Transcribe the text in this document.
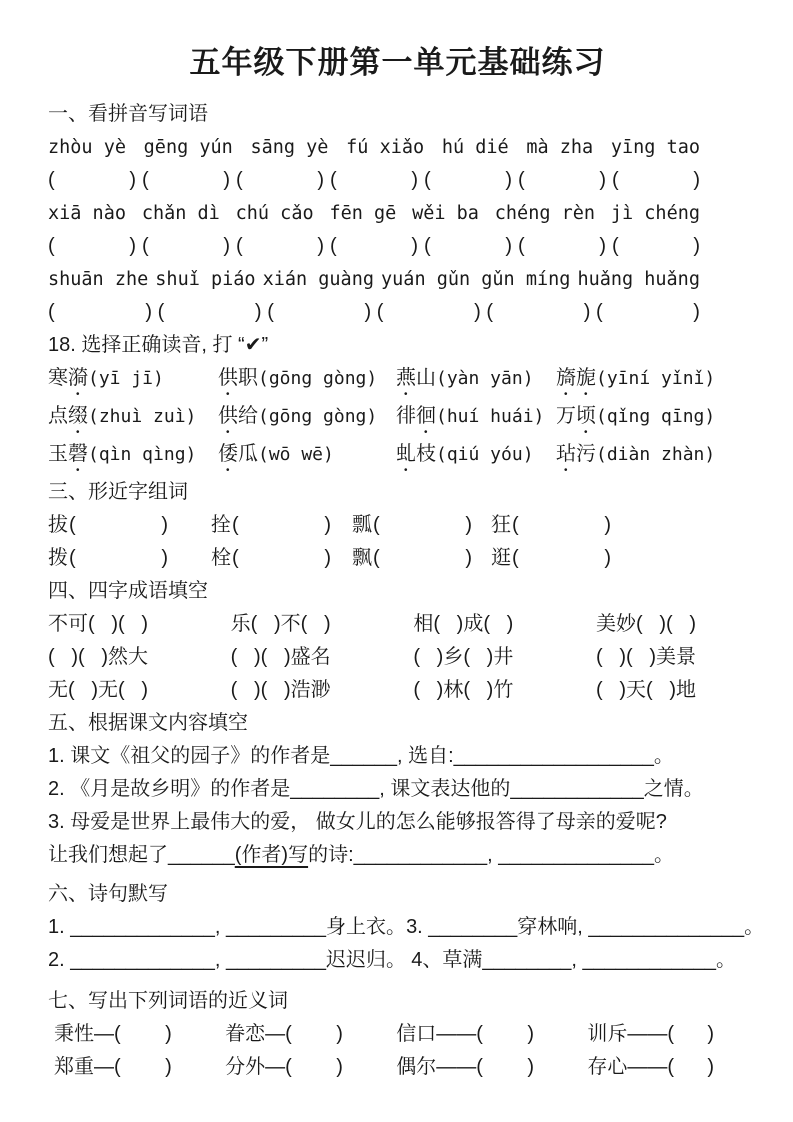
五年级下册第一单元基础练习
一、看拼音写词语
zhòu yè gēng yún sāng yè fú xiǎo hú dié mà zha yīng tao
(	) (	) (	) (	) (	) (	) (	)
xiā nào chǎn dì chú cǎo fēn gē wěi ba chéng rèn jì chéng
(	) (	) (	) (	) (	) (	) (	)
shuān zhe shuǐ piáo xián guàng yuán gǔn gǔn míng huǎng huǎng
(	) (	) (	) (	) (	) (	)
18. 选择正确读音, 打 “✔”
寒漪(yī jī)	供职(gōng gòng) 燕山(yàn yān)	旖旎(yīní yǐnǐ)
点缀(zhuì zuì)	供给(gōng gòng) 徘徊(huí huái) 万顷(qǐng qīng)
玉磬(qìn qìng)	倭瓜(wō wē)	虬枝(qiú yóu)	玷污(diàn zhàn)
三、形近字组词
拔 (	) 拴 (	) 瓢 (	) 狂 (	)
拨 (	) 栓 (	) 飘 (	) 逛 (	)
四、四字成语填空
不可(   )(   )	乐(   )不(   )	相(   )成(   )	美妙(   )(   )
(   )(   )然大	(   )(   )盛名	(   )乡(   )井	(   )(   )美景
无(   )无(   )	(   )(   )浩渺	(   )林(   )竹	(   )天(   )地
五、根据课文内容填空
1. 课文《祖父的园子》的作者是______, 选自:__________________。
2. 《月是故乡明》的作者是________, 课文表达他的____________之情。
3. 母爱是世界上最伟大的爱， 做女儿的怎么能够报答得了母亲的爱呢?
让我们想起了______(作者)写的诗:____________, ______________。
六、诗句默写
1. _____________, _________身上衣。 3. ________穿林响, ______________。
2. _____________, _________迟迟归。 4、草满________, ____________。
七、写出下列词语的近义词
秉性—(        )	眷恋—(        )	信口——(        )	训斥——(      )
郑重—(        )	分外—(        )	偶尔——(        )	存心——(      )
